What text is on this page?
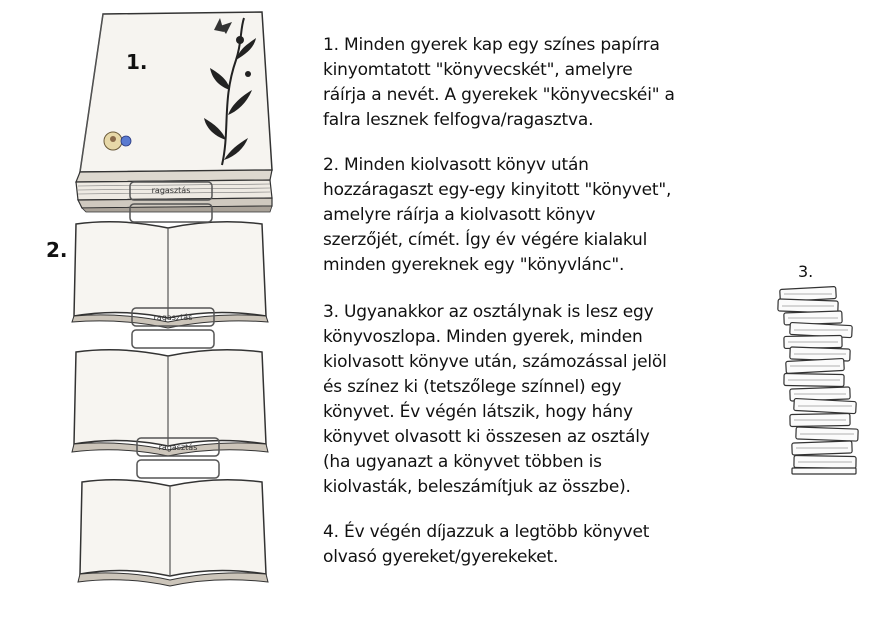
1.
2.
3.
ragasztás
ragasztás
ragasztás

1. Minden gyerek kap egy színes papírra
kinyomtatott "könyvecskét", amelyre
ráírja a nevét. A gyerekek "könyvecskéi" a
falra lesznek felfogva/ragasztva.

2. Minden kiolvasott könyv után
hozzáragaszt egy-egy kinyitott "könyvet",
amelyre ráírja a kiolvasott könyv
szerzőjét, címét. Így év végére kialakul
minden gyereknek egy "könyvlánc".

3. Ugyanakkor az osztálynak is lesz egy
könyvoszlopa. Minden gyerek, minden
kiolvasott könyve után, számozással jelöl
és színez ki (tetszőlege színnel) egy
könyvet. Év végén látszik, hogy hány
könyvet olvasott ki összesen az osztály
(ha ugyanazt a könyvet többen is
kiolvasták, beleszámítjuk az összbe).

4. Év végén díjazzuk a legtöbb könyvet
olvasó gyereket/gyerekeket.
